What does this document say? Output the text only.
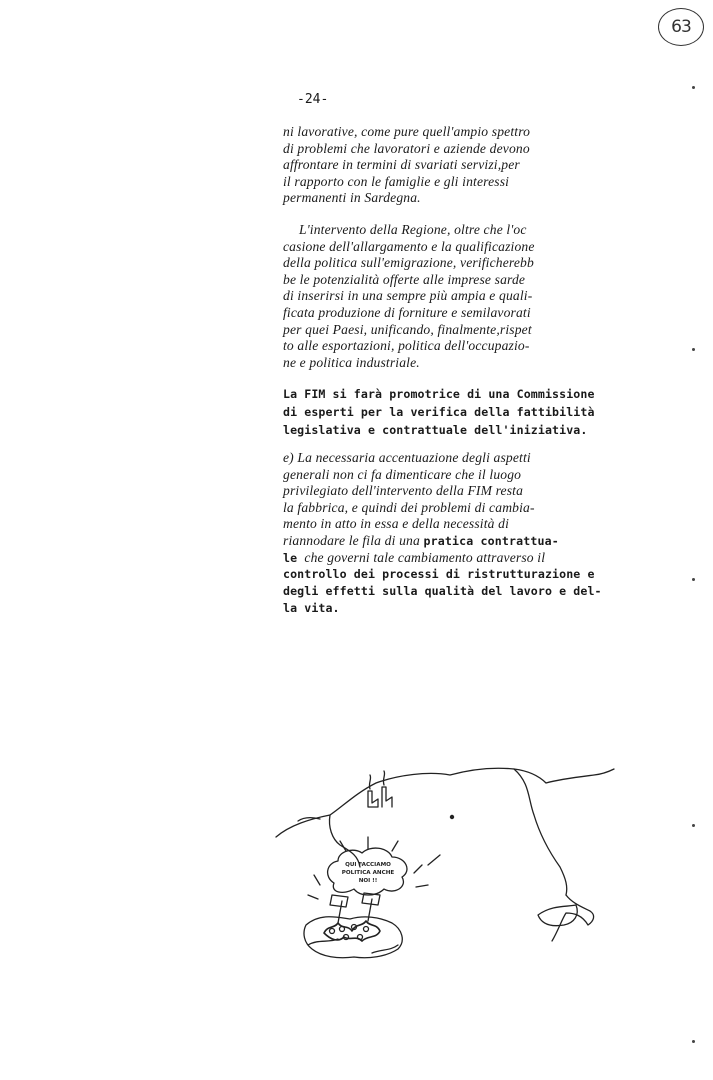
63
-24-
ni lavorative, come pure quell'ampio spettro
di problemi che lavoratori e aziende devono
affrontare in termini di svariati servizi,per
il rapporto con le famiglie e gli interessi
permanenti in Sardegna.
L'intervento della Regione, oltre che l'oc
casione dell'allargamento e la qualificazione
della politica sull'emigrazione, verificherebb
be le potenzialità offerte alle imprese sarde
di inserirsi in una sempre più ampia e quali-
ficata produzione di forniture e semilavorati
per quei Paesi, unificando, finalmente,rispet
to alle esportazioni, politica dell'occupazio-
ne e politica industriale.
La FIM si farà promotrice di una Commissione
di esperti per la verifica della fattibilità
legislativa e contrattuale dell'iniziativa.
e) La necessaria accentuazione degli aspetti
generali non ci fa dimenticare che il luogo
privilegiato dell'intervento della FIM resta
la fabbrica, e quindi dei problemi di cambia-
mento in atto in essa e della necessità di
riannodare le fila di una pratica contrattua-
le che governi tale cambiamento attraverso il
controllo dei processi di ristrutturazione e
degli effetti sulla qualità del lavoro e del-
la vita.
QUI FACCIAMO
POLITICA ANCHE
NOI !!
